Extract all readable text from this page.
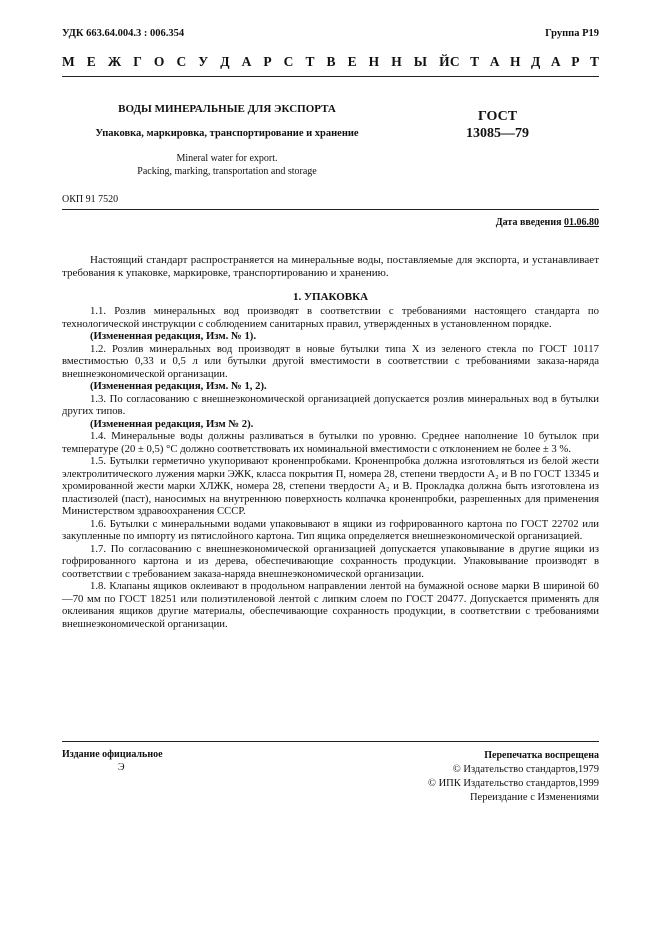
УДК 663.64.004.3 : 006.354	Группа Р19
М Е Ж Г О С У Д А Р С Т В Е Н Н Ы Й С Т А Н Д А Р Т
ВОДЫ МИНЕРАЛЬНЫЕ ДЛЯ ЭКСПОРТА
Упаковка, маркировка, транспортирование и хранение
Mineral water for export.
Packing, marking, transportation and storage
ГОСТ
13085—79
ОКП 91 7520
Дата введения 01.06.80
Настоящий стандарт распространяется на минеральные воды, поставляемые для экспорта, и устанавливает требования к упаковке, маркировке, транспортированию и хранению.
1. УПАКОВКА

1.1. Розлив минеральных вод производят в соответствии с требованиями настоящего стандарта по технологической инструкции с соблюдением санитарных правил, утвержденных в установленном порядке.

(Измененная редакция, Изм. № 1).

1.2. Розлив минеральных вод производят в новые бутылки типа X из зеленого стекла по ГОСТ 10117 вместимостью 0,33 и 0,5 л или бутылки другой вместимости в соответствии с требованиями заказа-наряда внешнеэкономической организации.

(Измененная редакция, Изм. № 1, 2).

1.3. По согласованию с внешнеэкономической организацией допускается розлив минеральных вод в бутылки других типов.

(Измененная редакция, Изм № 2).

1.4. Минеральные воды должны разливаться в бутылки по уровню. Среднее наполнение 10 бутылок при температуре (20 ± 0,5) °С должно соответствовать их номинальной вместимости с отклонением не более ± 3 %.

1.5. Бутылки герметично укупоривают кроненпробками. Кроненпробка должна изготовляться из белой жести электролитического лужения марки ЭЖК, класса покрытия П, номера 28, степени твердости А₂ и В по ГОСТ 13345 и хромированной жести марки ХЛЖК, номера 28, степени твердости А₂ и В. Прокладка должна быть изготовлена из пластизолей (паст), наносимых на внутреннюю поверхность колпачка кроненпробки, разрешенных для применения Министерством здравоохранения СССР.

1.6. Бутылки с минеральными водами упаковывают в ящики из гофрированного картона по ГОСТ 22702 или закупленные по импорту из пятислойного картона. Тип ящика определяется внешнеэкономической организацией.

1.7. По согласованию с внешнеэкономической организацией допускается упаковывание в другие ящики из гофрированного картона и из дерева, обеспечивающие сохранность продукции. Упаковывание производят в соответствии с требованием заказа-наряда внешнеэкономической организации.

1.8. Клапаны ящиков оклеивают в продольном направлении лентой на бумажной основе марки В шириной 60—70 мм по ГОСТ 18251 или полиэтиленовой лентой с липким слоем по ГОСТ 20477. Допускается применять для оклеивания ящиков другие материалы, обеспечивающие сохранность продукции, в соответствии с требованиями внешнеэкономической организации.

Издание официальное
Э
Перепечатка воспрещена
© Издательство стандартов,1979
© ИПК Издательство стандартов,1999
Переиздание с Изменениями
